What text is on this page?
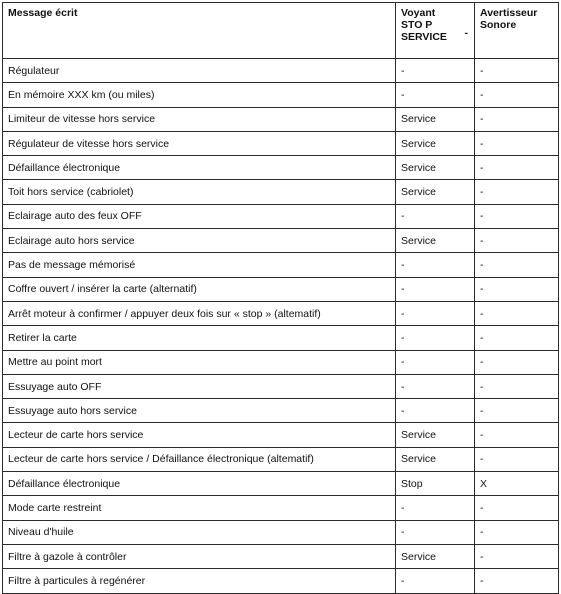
Message écrit	Voyant
STO P
SERVICE -	Avertisseur
Sonore
Régulateur	-	-
En mémoire XXX km (ou miles)	-	-
Limiteur de vitesse hors service	Service	-
Régulateur de vitesse hors service	Service	-
Défaillance électronique	Service	-
Toit hors service (cabriolet)	Service	-
Eclairage auto des feux OFF	-	-
Eclairage auto hors service	Service	-
Pas de message mémorisé	-	-
Coffre ouvert / insérer la carte (alternatif)	-	-
Arrêt moteur à confirmer / appuyer deux fois sur « stop » (altematif)	-	-
Retirer la carte	-	-
Mettre au point mort	-	-
Essuyage auto OFF	-	-
Essuyage auto hors service	-	-
Lecteur de carte hors service	Service	-
Lecteur de carte hors service / Défaillance électronique (altematif)	Service	-
Défaillance électronique	Stop	X
Mode carte restreint	-	-
Niveau d'huile	-	-
Filtre à gazole à contrôler	Service	-
Filtre à particules à regénérer	-	-
